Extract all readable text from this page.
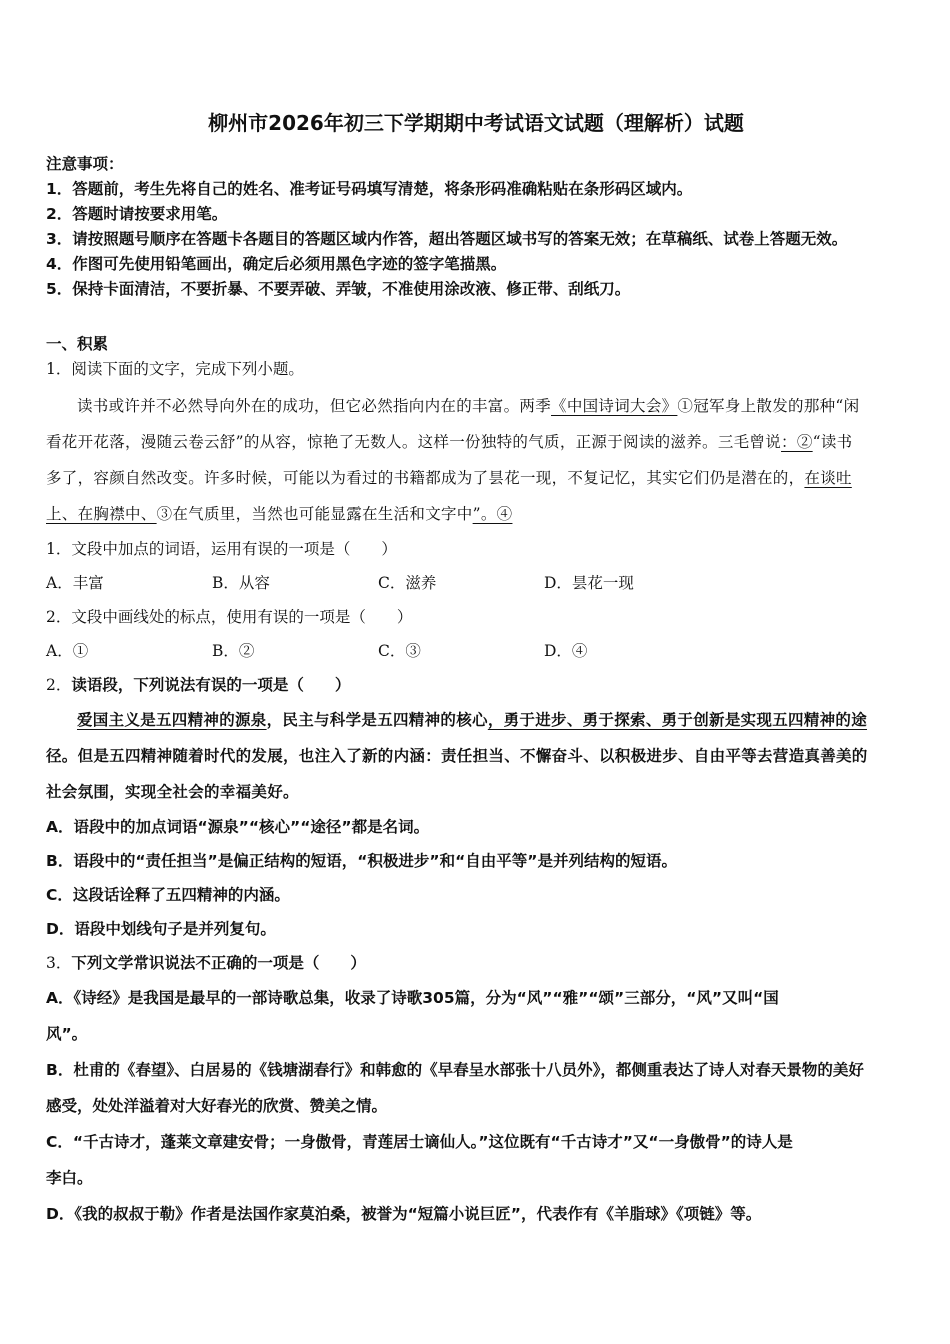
柳州市2026年初三下学期期中考试语文试题（理解析）试题
注意事项：
1．答题前，考生先将自己的姓名、准考证号码填写清楚，将条形码准确粘贴在条形码区域内。
2．答题时请按要求用笔。
3．请按照题号顺序在答题卡各题目的答题区域内作答，超出答题区域书写的答案无效；在草稿纸、试卷上答题无效。
4．作图可先使用铅笔画出，确定后必须用黑色字迹的签字笔描黑。
5．保持卡面清洁，不要折暴、不要弄破、弄皱，不准使用涂改液、修正带、刮纸刀。
一、积累
1．阅读下面的文字，完成下列小题。
读书或许并不必然导向外在的成功，但它必然指向内在的丰富。两季《中国诗词大会》①冠军身上散发的那种“闲
看花开花落，漫随云卷云舒”的从容，惊艳了无数人。这样一份独特的气质，正源于阅读的滋养。三毛曾说：②“读书
多了，容颜自然改变。许多时候，可能以为看过的书籍都成为了昙花一现，不复记忆，其实它们仍是潜在的，在谈吐
上、在胸襟中、③在气质里，当然也可能显露在生活和文字中”。④
1．文段中加点的词语，运用有误的一项是（　　）
A．丰富	B．从容	C．滋养	D．昙花一现
2．文段中画线处的标点，使用有误的一项是（　　）
A．①	B．②	C．③	D．④
2．读语段，下列说法有误的一项是（　　）
爱国主义是五四精神的源泉，民主与科学是五四精神的核心，勇于进步、勇于探索、勇于创新是实现五四精神的途
径。但是五四精神随着时代的发展，也注入了新的内涵：责任担当、不懈奋斗、以积极进步、自由平等去营造真善美的
社会氛围，实现全社会的幸福美好。
A．语段中的加点词语“源泉”“核心”“途径”都是名词。
B．语段中的“责任担当”是偏正结构的短语，“积极进步”和“自由平等”是并列结构的短语。
C．这段话诠释了五四精神的内涵。
D．语段中划线句子是并列复句。
3．下列文学常识说法不正确的一项是（　　）
A．《诗经》是我国是最早的一部诗歌总集，收录了诗歌305篇，分为“风”“雅”“颂”三部分，“风”又叫“国
风”。
B．杜甫的《春望》、白居易的《钱塘湖春行》和韩愈的《早春呈水部张十八员外》，都侧重表达了诗人对春天景物的美好
感受，处处洋溢着对大好春光的欣赏、赞美之情。
C．“千古诗才，蓬莱文章建安骨；一身傲骨，青莲居士谪仙人。”这位既有“千古诗才”又“一身傲骨”的诗人是
李白。
D．《我的叔叔于勒》作者是法国作家莫泊桑，被誉为“短篇小说巨匠”，代表作有《羊脂球》《项链》等。
